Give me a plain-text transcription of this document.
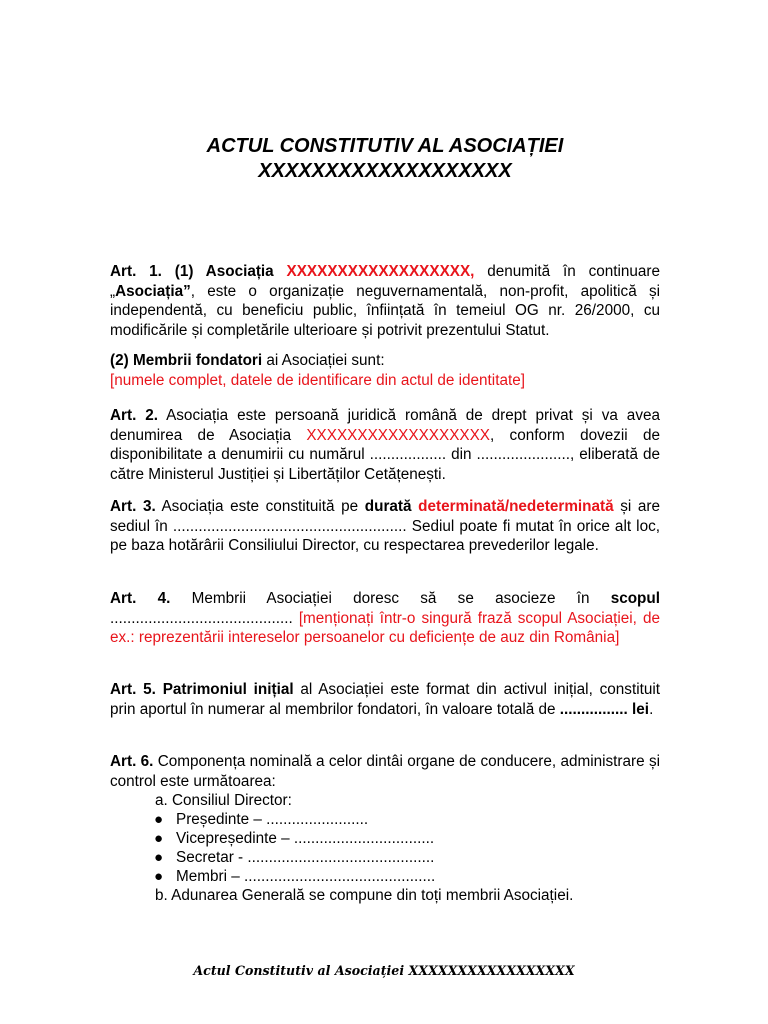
ACTUL CONSTITUTIV AL ASOCIAȚIEI
XXXXXXXXXXXXXXXXXXX
Art. 1. (1) Asociația XXXXXXXXXXXXXXXXXX, denumită în continuare „Asociația”, este o organizație neguvernamentală, non-profit, apolitică și independentă, cu beneficiu public, înființată în temeiul OG nr. 26/2000, cu modificările și completările ulterioare și potrivit prezentului Statut.
(2) Membrii fondatori ai Asociației sunt:
[numele complet, datele de identificare din actul de identitate]
Art. 2. Asociația este persoană juridică română de drept privat și va avea denumirea de Asociația XXXXXXXXXXXXXXXXXX, conform dovezii de disponibilitate a denumirii cu numărul .................. din ......................, eliberată de către Ministerul Justiției și Libertăților Cetățenești.
Art. 3. Asociația este constituită pe durată determinată/nedeterminată și are sediul în ....................................................... Sediul poate fi mutat în orice alt loc, pe baza hotărârii Consiliului Director, cu respectarea prevederilor legale.
Art. 4. Membrii Asociației doresc să se asocieze în scopul ........................................... [menționați într-o singură frază scopul Asociației, de ex.: reprezentării intereselor persoanelor cu deficiențe de auz din România]
Art. 5. Patrimoniul inițial al Asociației este format din activul inițial, constituit prin aportul în numerar al membrilor fondatori, în valoare totală de ................ lei.
Art. 6. Componența nominală a celor dintâi organe de conducere, administrare și control este următoarea:
a. Consiliul Director:
● Președinte – ........................
● Vicepreședinte – .................................
● Secretar - ............................................
● Membri – .............................................
b. Adunarea Generală se compune din toți membrii Asociației.
Actul Constitutiv al Asociației XXXXXXXXXXXXXXXXX
